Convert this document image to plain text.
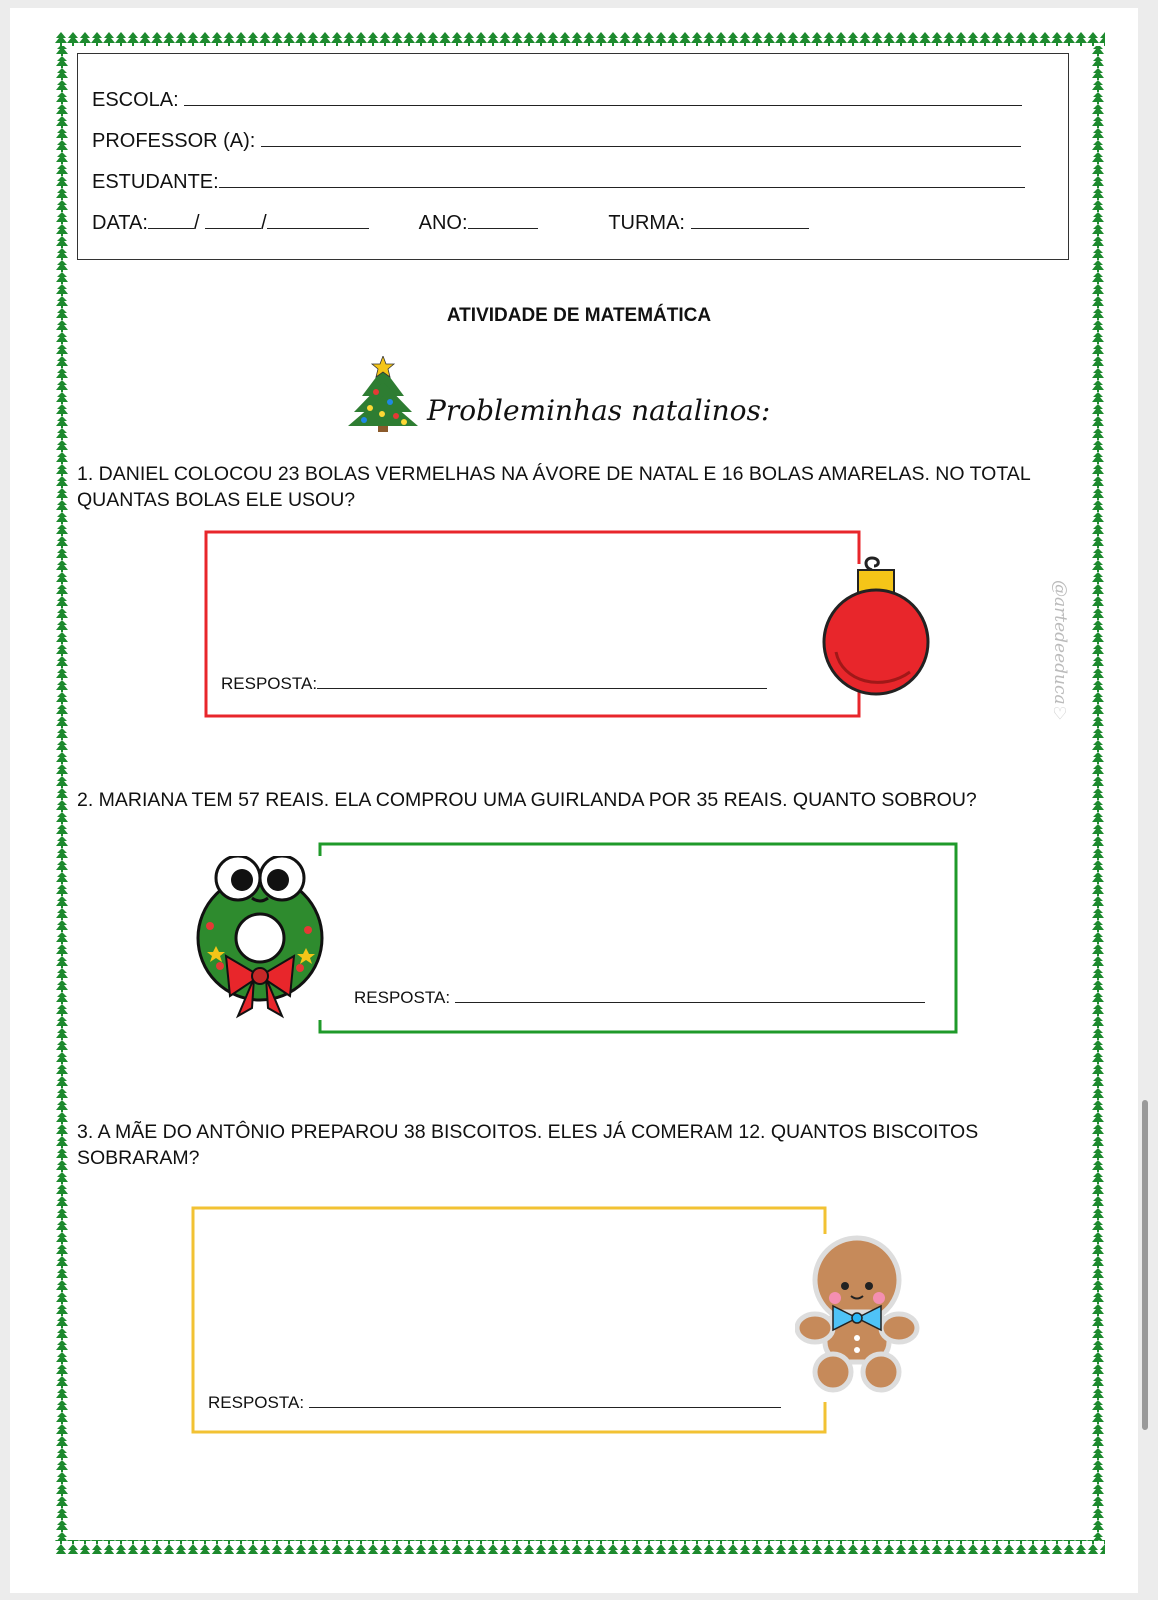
ESCOLA:
PROFESSOR (A):
ESTUDANTE:
DATA: /	/	ANO:	TURMA:
ATIVIDADE DE MATEMÁTICA
Probleminhas natalinos:
1. DANIEL COLOCOU 23 BOLAS VERMELHAS NA ÁVORE DE NATAL E 16 BOLAS AMARELAS. NO TOTAL QUANTAS BOLAS ELE USOU?
RESPOSTA:	@artedeeduca♡
2. MARIANA TEM 57 REAIS. ELA COMPROU UMA GUIRLANDA POR 35 REAIS. QUANTO SOBROU?
RESPOSTA:
3. A MÃE DO ANTÔNIO PREPAROU 38 BISCOITOS. ELES JÁ COMERAM 12. QUANTOS BISCOITOS SOBRARAM?
RESPOSTA:
